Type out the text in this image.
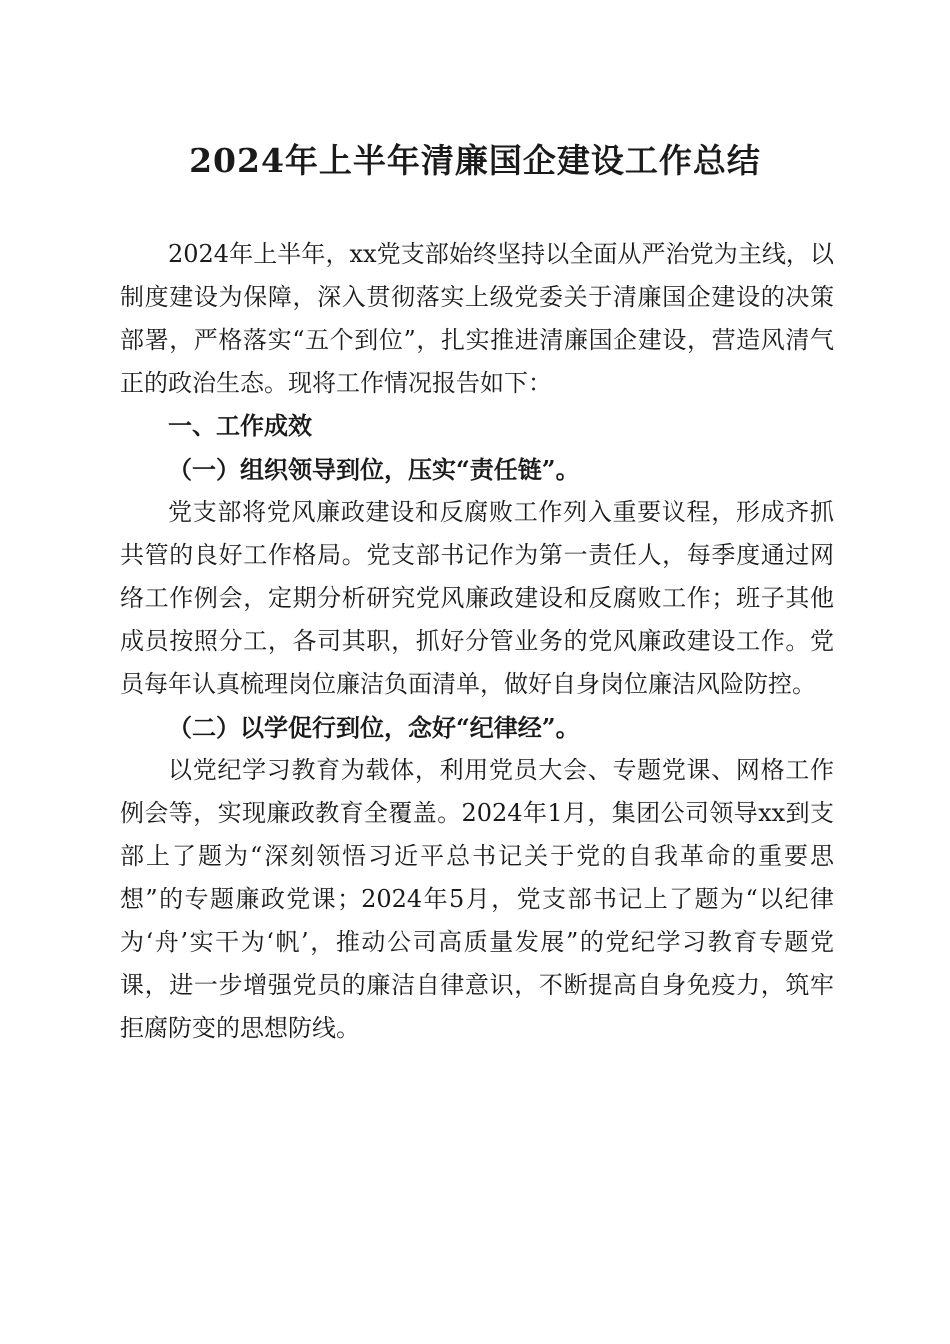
2024年上半年清廉国企建设工作总结

2024年上半年，xx党支部始终坚持以全面从严治党为主线，以制度建设为保障，深入贯彻落实上级党委关于清廉国企建设的决策部署，严格落实“五个到位”，扎实推进清廉国企建设，营造风清气正的政治生态。现将工作情况报告如下：

一、工作成效
（一）组织领导到位，压实“责任链”。

党支部将党风廉政建设和反腐败工作列入重要议程，形成齐抓共管的良好工作格局。党支部书记作为第一责任人，每季度通过网络工作例会，定期分析研究党风廉政建设和反腐败工作；班子其他成员按照分工，各司其职，抓好分管业务的党风廉政建设工作。党员每年认真梳理岗位廉洁负面清单，做好自身岗位廉洁风险防控。

（二）以学促行到位，念好“纪律经”。

以党纪学习教育为载体，利用党员大会、专题党课、网格工作例会等，实现廉政教育全覆盖。2024年1月，集团公司领导xx到支部上了题为“深刻领悟习近平总书记关于党的自我革命的重要思想”的专题廉政党课；2024年5月，党支部书记上了题为“以纪律为‘舟’实干为‘帆’，推动公司高质量发展”的党纪学习教育专题党课，进一步增强党员的廉洁自律意识，不断提高自身免疫力，筑牢拒腐防变的思想防线。
